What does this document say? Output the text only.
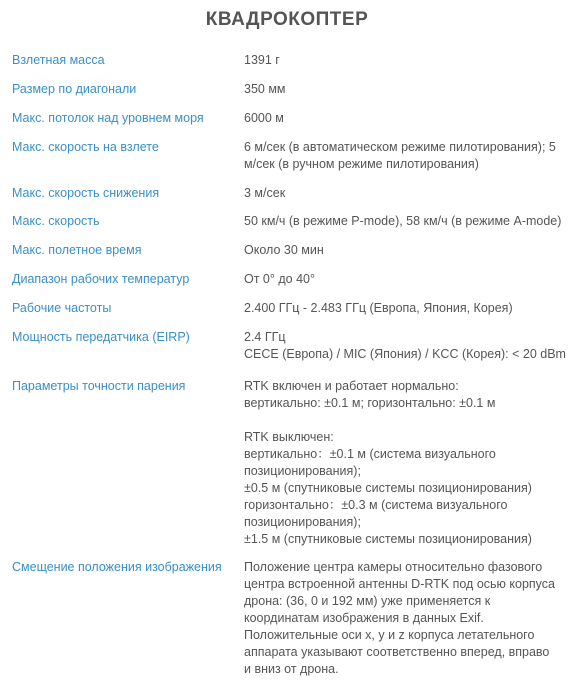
КВАДРОКОПТЕР
Взлетная масса	1391 г

Размер по диагонали	350 мм

Макс. потолок над уровнем моря	6000 м

Макс. скорость на взлете	6 м/сек (в автоматическом режиме пилотирования); 5

м/сек (в ручном режиме пилотирования)

Макс. скорость снижения	3 м/сек

Макс. скорость	50 км/ч (в режиме P-mode), 58 км/ч (в режиме A-mode)

Макс. полетное время	Около 30 мин

Диапазон рабочих температур	От 0° до 40°

Рабочие частоты	2.400 ГГц - 2.483 ГГц (Европа, Япония, Корея)

Мощность передатчика (EIRP)	2.4 ГГц

CECE (Европа) / MIC (Япония) / KCC (Корея): < 20 dBm

Параметры точности парения	RTK включен и работает нормально:

вертикально: ±0.1 м; горизонтально: ±0.1 м

RTK выключен:

вертикально：±0.1 м (система визуального

позиционирования);

±0.5 м (спутниковые системы позиционирования)

горизонтально：±0.3 м (система визуального

позиционирования);

±1.5 м (спутниковые системы позиционирования)

Смещение положения изображения	Положение центра камеры относительно фазового

центра встроенной антенны D-RTK под осью корпуса

дрона: (36, 0 и 192 мм) уже применяется к

координатам изображения в данных Exif.

Положительные оси x, y и z корпуса летательного

аппарата указывают соответственно вперед, вправо

и вниз от дрона.
